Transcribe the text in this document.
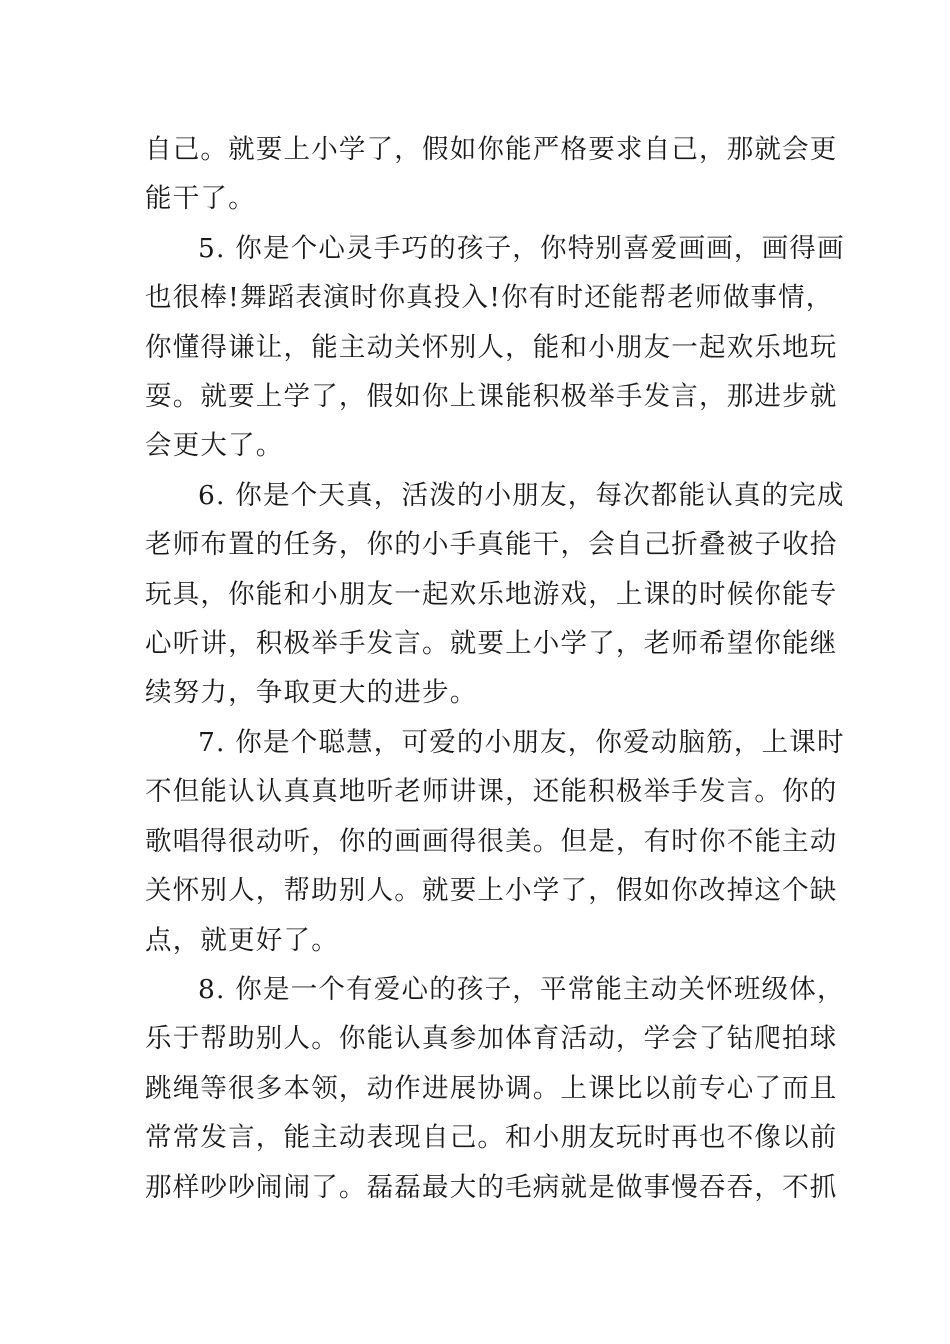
自己。就要上小学了，假如你能严格要求自己，那就会更
能干了。
5. 你是个心灵手巧的孩子，你特别喜爱画画，画得画
也很棒!舞蹈表演时你真投入!你有时还能帮老师做事情，
你懂得谦让，能主动关怀别人，能和小朋友一起欢乐地玩
耍。就要上学了，假如你上课能积极举手发言，那进步就
会更大了。
6. 你是个天真，活泼的小朋友，每次都能认真的完成
老师布置的任务，你的小手真能干，会自己折叠被子收拾
玩具，你能和小朋友一起欢乐地游戏，上课的时候你能专
心听讲，积极举手发言。就要上小学了，老师希望你能继
续努力，争取更大的进步。
7. 你是个聪慧，可爱的小朋友，你爱动脑筋，上课时
不但能认认真真地听老师讲课，还能积极举手发言。你的
歌唱得很动听，你的画画得很美。但是，有时你不能主动
关怀别人，帮助别人。就要上小学了，假如你改掉这个缺
点，就更好了。
8. 你是一个有爱心的孩子，平常能主动关怀班级体，
乐于帮助别人。你能认真参加体育活动，学会了钻爬拍球
跳绳等很多本领，动作进展协调。上课比以前专心了而且
常常发言，能主动表现自己。和小朋友玩时再也不像以前
那样吵吵闹闹了。磊磊最大的毛病就是做事慢吞吞，不抓
